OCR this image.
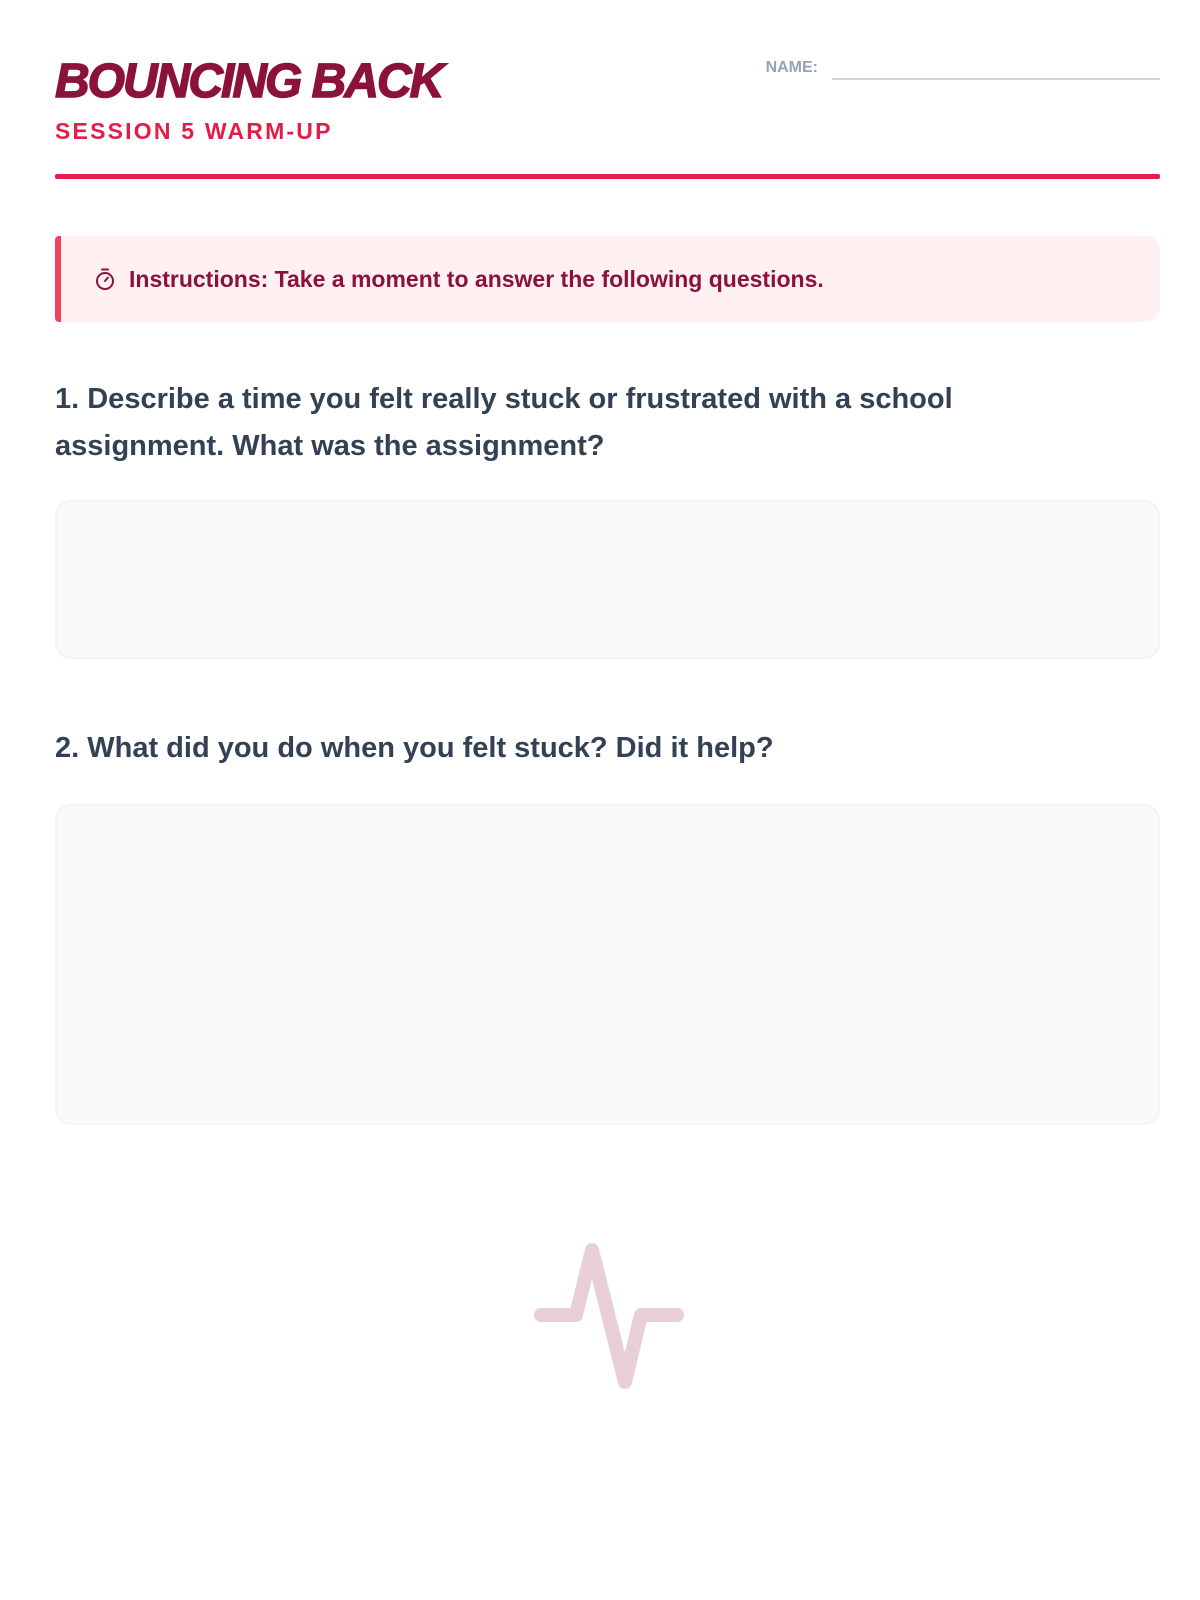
BOUNCING BACK
SESSION 5 WARM-UP
NAME:
Instructions: Take a moment to answer the following questions.

1. Describe a time you felt really stuck or frustrated with a school assignment. What was the assignment?

2. What did you do when you felt stuck? Did it help?
